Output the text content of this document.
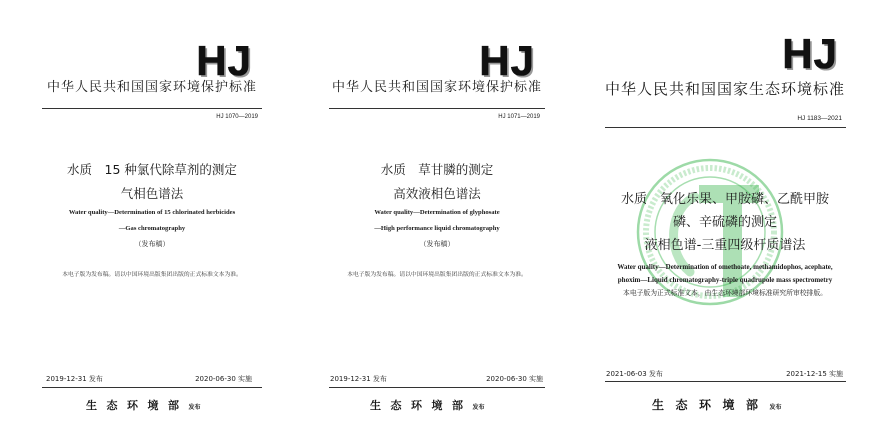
HJ
中华人民共和国国家环境保护标准
HJ 1070—2019
水质　15 种氯代除草剂的测定
气相色谱法
Water quality—Determination of 15 chlorinated herbicides
—Gas chromatography
（发布稿）
本电子版为发布稿。请以中国环境出版集团出版的正式标准文本为准。
2019-12-31 发布	2020-06-30 实施
生态环境部发布
HJ
中华人民共和国国家环境保护标准
HJ 1071—2019
水质　草甘膦的测定
高效液相色谱法
Water quality—Determination of glyphosate
—High performance liquid chromatography
（发布稿）
本电子版为发布稿。请以中国环境出版集团出版的正式标准文本为准。
2019-12-31 发布	2020-06-30 实施
生态环境部发布
HJ
中华人民共和国国家生态环境标准
HJ 1183—2021
水质　氧化乐果、甲胺磷、乙酰甲胺
磷、辛硫磷的测定
液相色谱-三重四级杆质谱法
Water quality—Determination of omethoate, methamidophos, acephate,
phoxim—Liquid chromatography-triple quadrupole mass spectrometry
本电子版为正式标准文本，由生态环境部环境标准研究所审校排版。
2021-06-03 发布	2021-12-15 实施
生态环境部发布
